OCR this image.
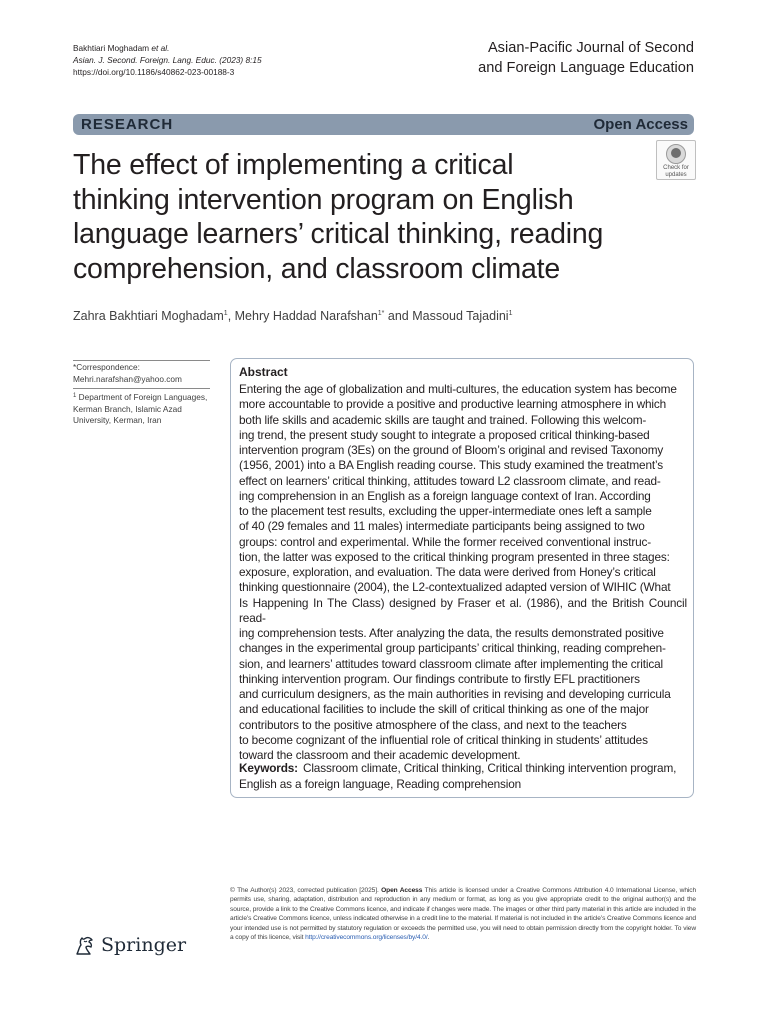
Bakhtiari Moghadam et al.
Asian. J. Second. Foreign. Lang. Educ. (2023) 8:15
https://doi.org/10.1186/s40862-023-00188-3
Asian-Pacific Journal of Second
and Foreign Language Education
RESEARCH	Open Access
The effect of implementing a critical
thinking intervention program on English
language learners’ critical thinking, reading
comprehension, and classroom climate
Check for
updates
Zahra Bakhtiari Moghadam$^1$, Mehry Haddad Narafshan$^{1*}$ and Massoud Tajadini$^1$
*Correspondence:
Mehri.narafshan@yahoo.com
$^1$ Department of Foreign Languages, Kerman Branch, Islamic Azad University, Kerman, Iran
Abstract
Entering the age of globalization and multi-cultures, the education system has become
more accountable to provide a positive and productive learning atmosphere in which
both life skills and academic skills are taught and trained. Following this welcom-
ing trend, the present study sought to integrate a proposed critical thinking-based
intervention program (3Es) on the ground of Bloom’s original and revised Taxonomy
(1956, 2001) into a BA English reading course. This study examined the treatment’s
effect on learners’ critical thinking, attitudes toward L2 classroom climate, and read-
ing comprehension in an English as a foreign language context of Iran. According
to the placement test results, excluding the upper-intermediate ones left a sample
of 40 (29 females and 11 males) intermediate participants being assigned to two
groups: control and experimental. While the former received conventional instruc-
tion, the latter was exposed to the critical thinking program presented in three stages:
exposure, exploration, and evaluation. The data were derived from Honey’s critical
thinking questionnaire (2004), the L2-contextualized adapted version of WIHIC (What
Is Happening In The Class) designed by Fraser et al. (1986), and the British Council read-
ing comprehension tests. After analyzing the data, the results demonstrated positive
changes in the experimental group participants’ critical thinking, reading comprehen-
sion, and learners’ attitudes toward classroom climate after implementing the critical
thinking intervention program. Our findings contribute to firstly EFL practitioners
and curriculum designers, as the main authorities in revising and developing curricula
and educational facilities to include the skill of critical thinking as one of the major
contributors to the positive atmosphere of the class, and next to the teachers
to become cognizant of the influential role of critical thinking in students’ attitudes
toward the classroom and their academic development.
Keywords: Classroom climate, Critical thinking, Critical thinking intervention program,
English as a foreign language, Reading comprehension
Springer
© The Author(s) 2023, corrected publication [2025]. Open Access This article is licensed under a Creative Commons Attribution 4.0 International License, which permits use, sharing, adaptation, distribution and reproduction in any medium or format, as long as you give appropriate credit to the original author(s) and the source, provide a link to the Creative Commons licence, and indicate if changes were made. The images or other third party material in this article are included in the article’s Creative Commons licence, unless indicated otherwise in a credit line to the material. If material is not included in the article’s Creative Commons licence and your intended use is not permitted by statutory regulation or exceeds the permitted use, you will need to obtain permission directly from the copyright holder. To view a copy of this licence, visit http://creativecommons.org/licenses/by/4.0/.
